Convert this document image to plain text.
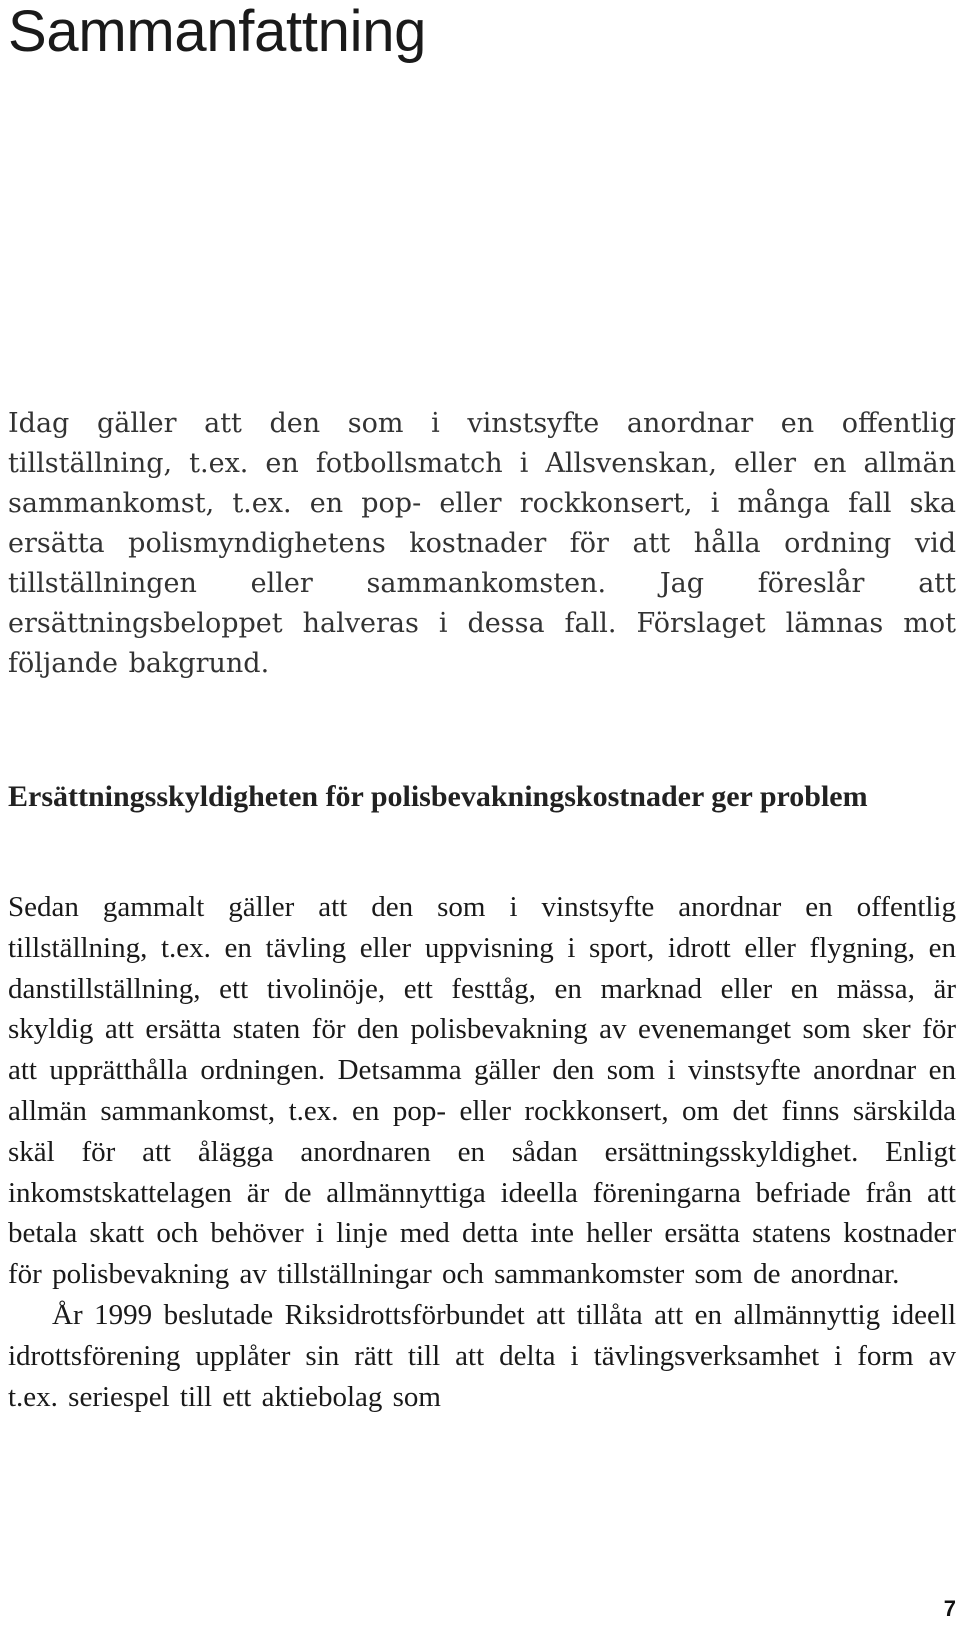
Sammanfattning

Idag gäller att den som i vinstsyfte anordnar en offentlig tillställning, t.ex. en fotbollsmatch i Allsvenskan, eller en allmän sammankomst, t.ex. en pop- eller rockkonsert, i många fall ska ersätta polismyndighetens kostnader för att hålla ordning vid tillställningen eller sammankomsten. Jag föreslår att ersättningsbeloppet halveras i dessa fall. Förslaget lämnas mot följande bakgrund.

Ersättningsskyldigheten för polisbevakningskostnader ger problem

Sedan gammalt gäller att den som i vinstsyfte anordnar en offentlig tillställning, t.ex. en tävling eller uppvisning i sport, idrott eller flygning, en danstillställning, ett tivolinöje, ett festtåg, en marknad eller en mässa, är skyldig att ersätta staten för den polisbevakning av evenemanget som sker för att upprätthålla ordningen. Detsamma gäller den som i vinstsyfte anordnar en allmän sammankomst, t.ex. en pop- eller rockkonsert, om det finns särskilda skäl för att ålägga anordnaren en sådan ersättningsskyldighet. Enligt inkomstskattelagen är de allmännyttiga ideella föreningarna befriade från att betala skatt och behöver i linje med detta inte heller ersätta statens kostnader för polisbevakning av tillställningar och sammankomster som de anordnar.

År 1999 beslutade Riksidrottsförbundet att tillåta att en allmännyttig ideell idrottsförening upplåter sin rätt till att delta i tävlingsverksamhet i form av t.ex. seriespel till ett aktiebolag som

7
